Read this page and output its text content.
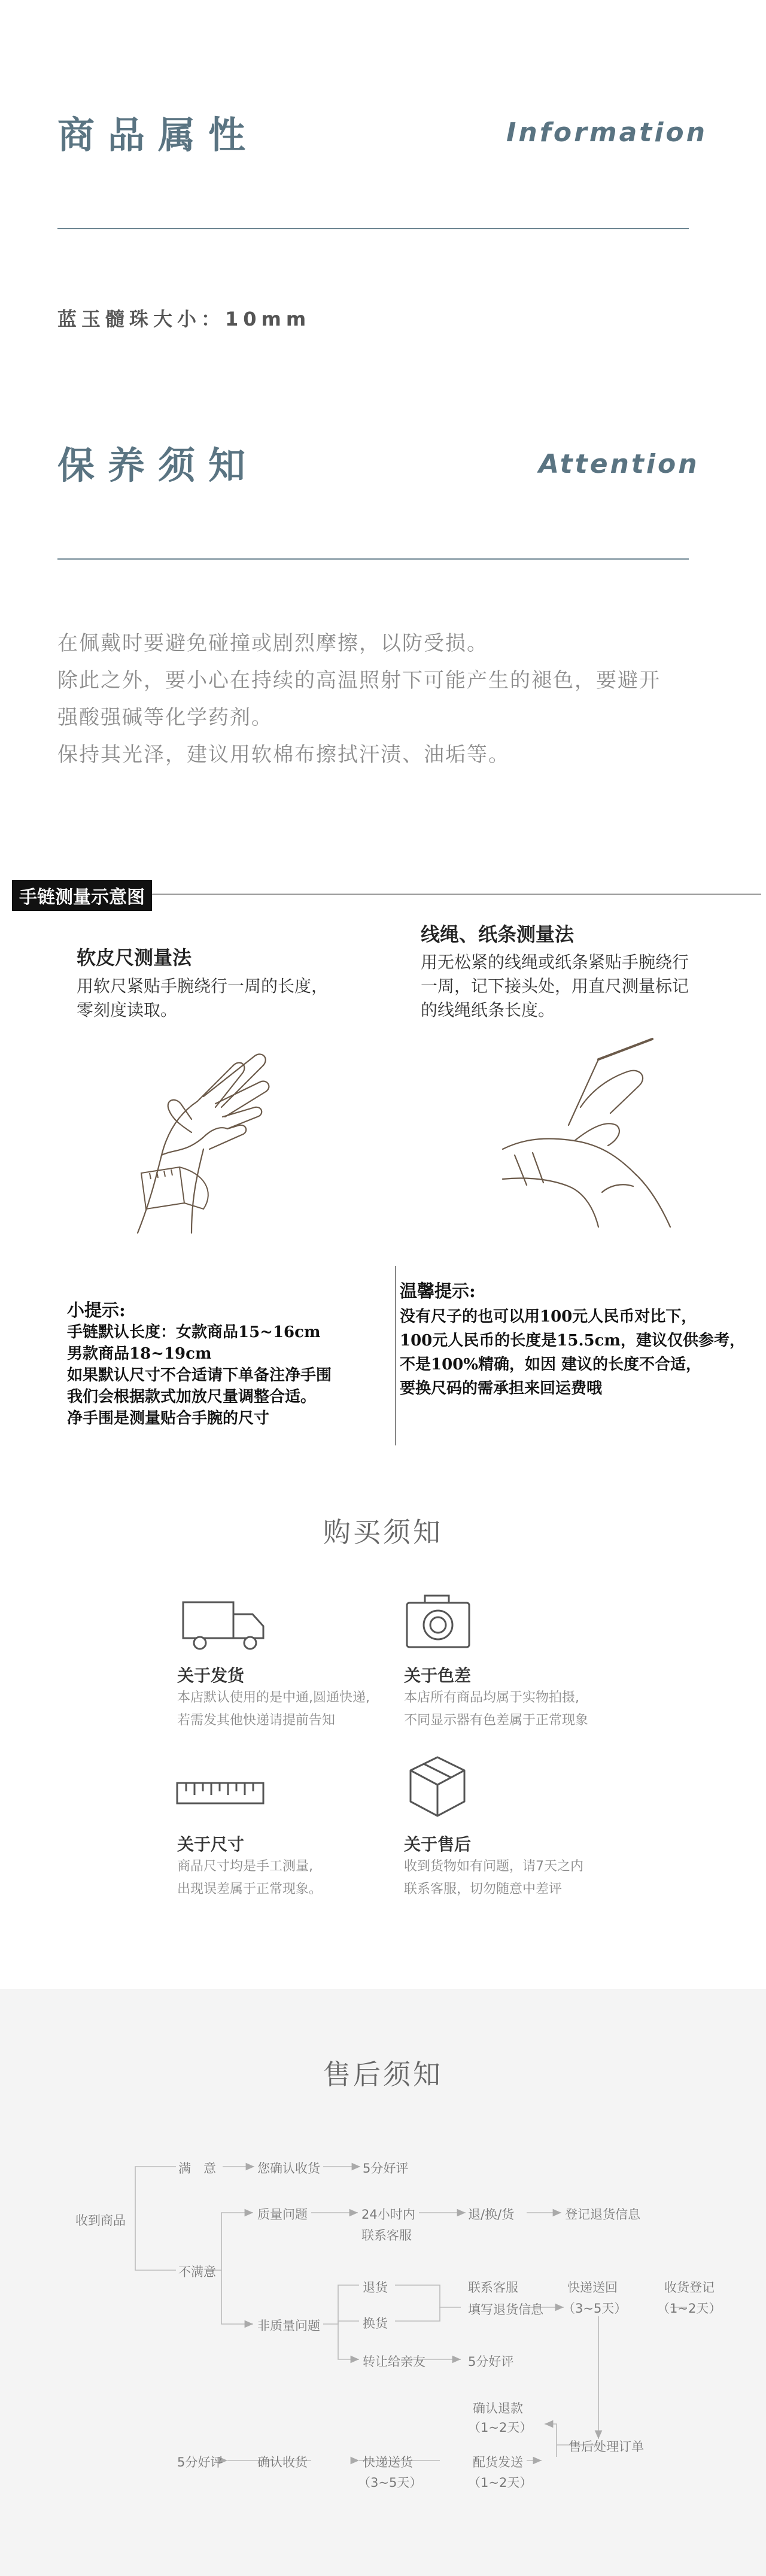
商品属性	Information
蓝玉髓珠大小：10mm
保养须知	Attention
在佩戴时要避免碰撞或剧烈摩擦，以防受损。
除此之外，要小心在持续的高温照射下可能产生的褪色，要避开
强酸强碱等化学药剂。
保持其光泽，建议用软棉布擦拭汗渍、油垢等。
手链测量示意图
软皮尺测量法
用软尺紧贴手腕绕行一周的长度，
零刻度读取。
线绳、纸条测量法
用无松紧的线绳或纸条紧贴手腕绕行
一周，记下接头处，用直尺测量标记
的线绳纸条长度。
小提示:
手链默认长度：女款商品15~16cm
男款商品18~19cm
如果默认尺寸不合适请下单备注净手围
我们会根据款式加放尺量调整合适。
净手围是测量贴合手腕的尺寸
温馨提示:
没有尺子的也可以用100元人民币对比下，
100元人民币的长度是15.5cm，建议仅供参考，
不是100%精确，如因 建议的长度不合适，
要换尺码的需承担来回运费哦
购买须知
关于发货
本店默认使用的是中通,圆通快递,
若需发其他快递请提前告知
关于色差
本店所有商品均属于实物拍摄,
不同显示器有色差属于正常现象
关于尺寸
商品尺寸均是手工测量,
出现误差属于正常现象。
关于售后
收到货物如有问题，请7天之内
联系客服，切勿随意中差评
售后须知
收到商品
满　意	您确认收货	5分好评
不满意
质量问题	24小时内
联系客服
退/换/货	登记退货信息
非质量问题
退货
换货
联系客服
填写退货信息
快递送回
（3~5天）
收货登记
（1~2天）
转让给亲友	5分好评
确认退款
（1~2天）
售后处理订单
5分好评	确认收货	快递送货
（3~5天）
配货发送
（1~2天）
